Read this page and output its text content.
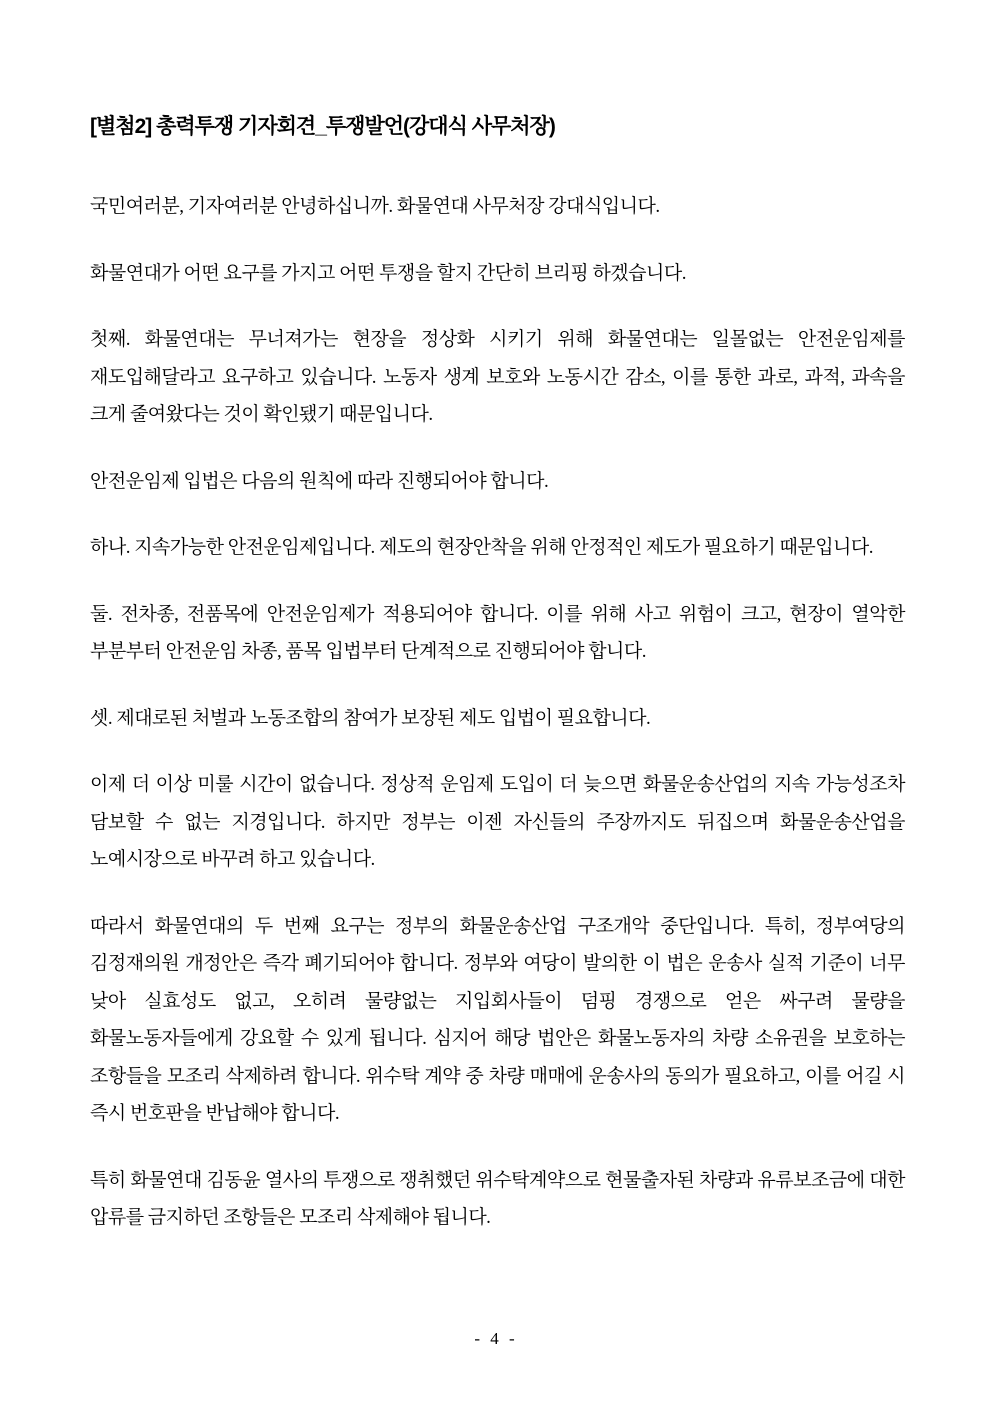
[별첨2] 총력투쟁 기자회견_투쟁발언(강대식 사무처장)

국민여러분, 기자여러분 안녕하십니까. 화물연대 사무처장 강대식입니다.

화물연대가 어떤 요구를 가지고 어떤 투쟁을 할지 간단히 브리핑 하겠습니다.

첫째. 화물연대는 무너져가는 현장을 정상화 시키기 위해 화물연대는 일몰없는 안전운임제를 재도입해달라고 요구하고 있습니다. 노동자 생계 보호와 노동시간 감소, 이를 통한 과로, 과적, 과속을 크게 줄여왔다는 것이 확인됐기 때문입니다.

안전운임제 입법은 다음의 원칙에 따라 진행되어야 합니다.

하나. 지속가능한 안전운임제입니다. 제도의 현장안착을 위해 안정적인 제도가 필요하기 때문입니다.

둘. 전차종, 전품목에 안전운임제가 적용되어야 합니다. 이를 위해 사고 위험이 크고, 현장이 열악한 부분부터 안전운임 차종, 품목 입법부터 단계적으로 진행되어야 합니다.

셋. 제대로된 처벌과 노동조합의 참여가 보장된 제도 입법이 필요합니다.

이제 더 이상 미룰 시간이 없습니다. 정상적 운임제 도입이 더 늦으면 화물운송산업의 지속 가능성조차 담보할 수 없는 지경입니다. 하지만 정부는 이젠 자신들의 주장까지도 뒤집으며 화물운송산업을 노예시장으로 바꾸려 하고 있습니다.

따라서 화물연대의 두 번째 요구는 정부의 화물운송산업 구조개악 중단입니다. 특히, 정부여당의 김정재의원 개정안은 즉각 폐기되어야 합니다. 정부와 여당이 발의한 이 법은 운송사 실적 기준이 너무 낮아 실효성도 없고, 오히려 물량없는 지입회사들이 덤핑 경쟁으로 얻은 싸구려 물량을 화물노동자들에게 강요할 수 있게 됩니다. 심지어 해당 법안은 화물노동자의 차량 소유권을 보호하는 조항들을 모조리 삭제하려 합니다. 위수탁 계약 중 차량 매매에 운송사의 동의가 필요하고, 이를 어길 시 즉시 번호판을 반납해야 합니다.

특히 화물연대 김동윤 열사의 투쟁으로 쟁취했던 위수탁계약으로 현물출자된 차량과 유류보조금에 대한 압류를 금지하던 조항들은 모조리 삭제해야 됩니다.

- 4 -
